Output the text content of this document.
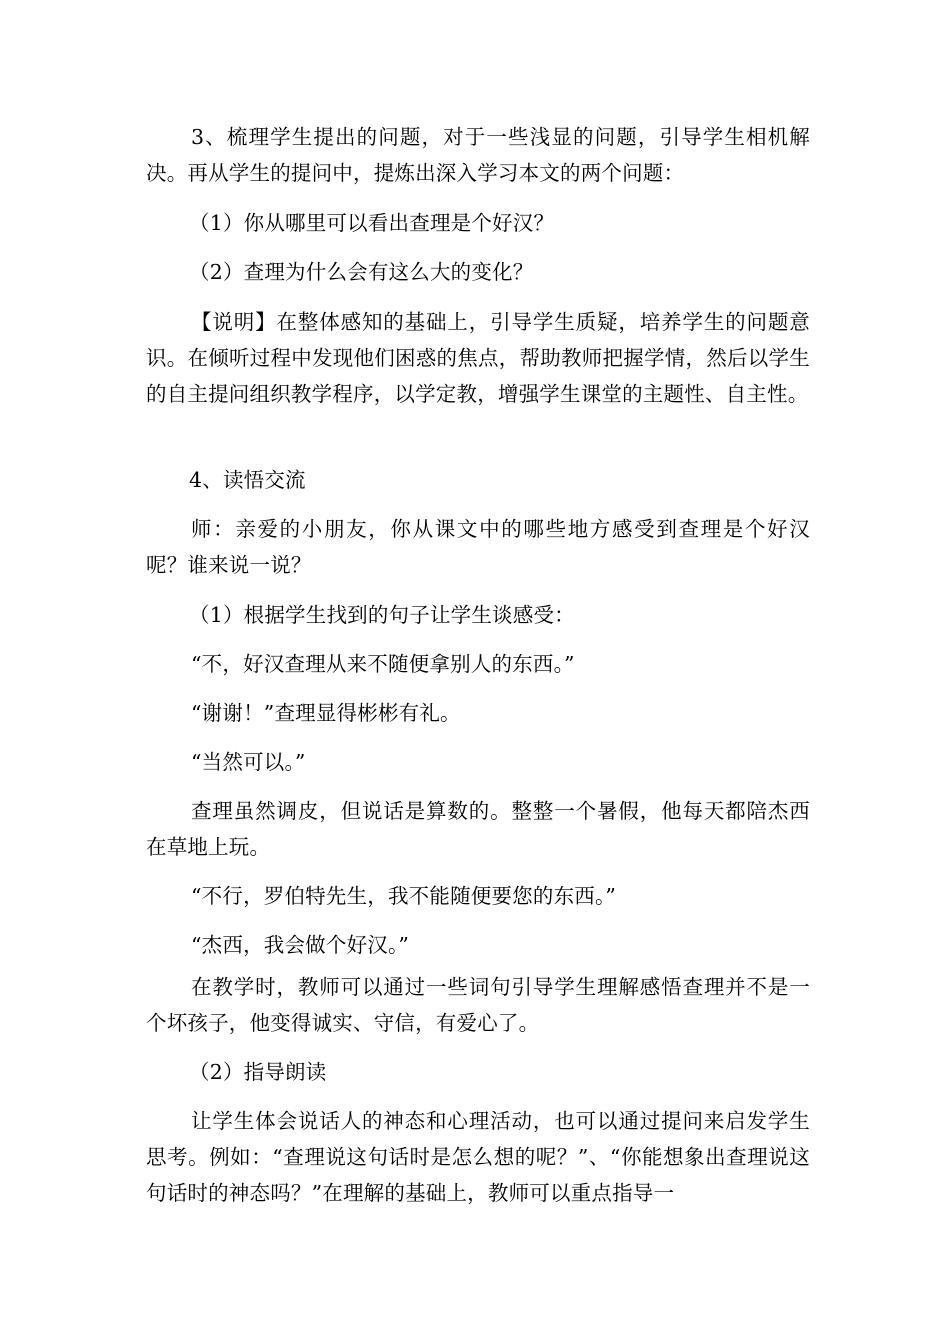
3、梳理学生提出的问题，对于一些浅显的问题，引导学生相机解决。再从学生的提问中，提炼出深入学习本文的两个问题：

（1）你从哪里可以看出查理是个好汉？

（2）查理为什么会有这么大的变化？

【说明】在整体感知的基础上，引导学生质疑，培养学生的问题意识。在倾听过程中发现他们困惑的焦点，帮助教师把握学情，然后以学生的自主提问组织教学程序，以学定教，增强学生课堂的主题性、自主性。

4、读悟交流

师：亲爱的小朋友，你从课文中的哪些地方感受到查理是个好汉呢？谁来说一说？

（1）根据学生找到的句子让学生谈感受：

“不，好汉查理从来不随便拿别人的东西。”

“谢谢！”查理显得彬彬有礼。

“当然可以。”

查理虽然调皮，但说话是算数的。整整一个暑假，他每天都陪杰西在草地上玩。

“不行，罗伯特先生，我不能随便要您的东西。”

“杰西，我会做个好汉。”

在教学时，教师可以通过一些词句引导学生理解感悟查理并不是一个坏孩子，他变得诚实、守信，有爱心了。

（2）指导朗读

让学生体会说话人的神态和心理活动，也可以通过提问来启发学生思考。例如：“查理说这句话时是怎么想的呢？”、“你能想象出查理说这句话时的神态吗？”在理解的基础上，教师可以重点指导一
